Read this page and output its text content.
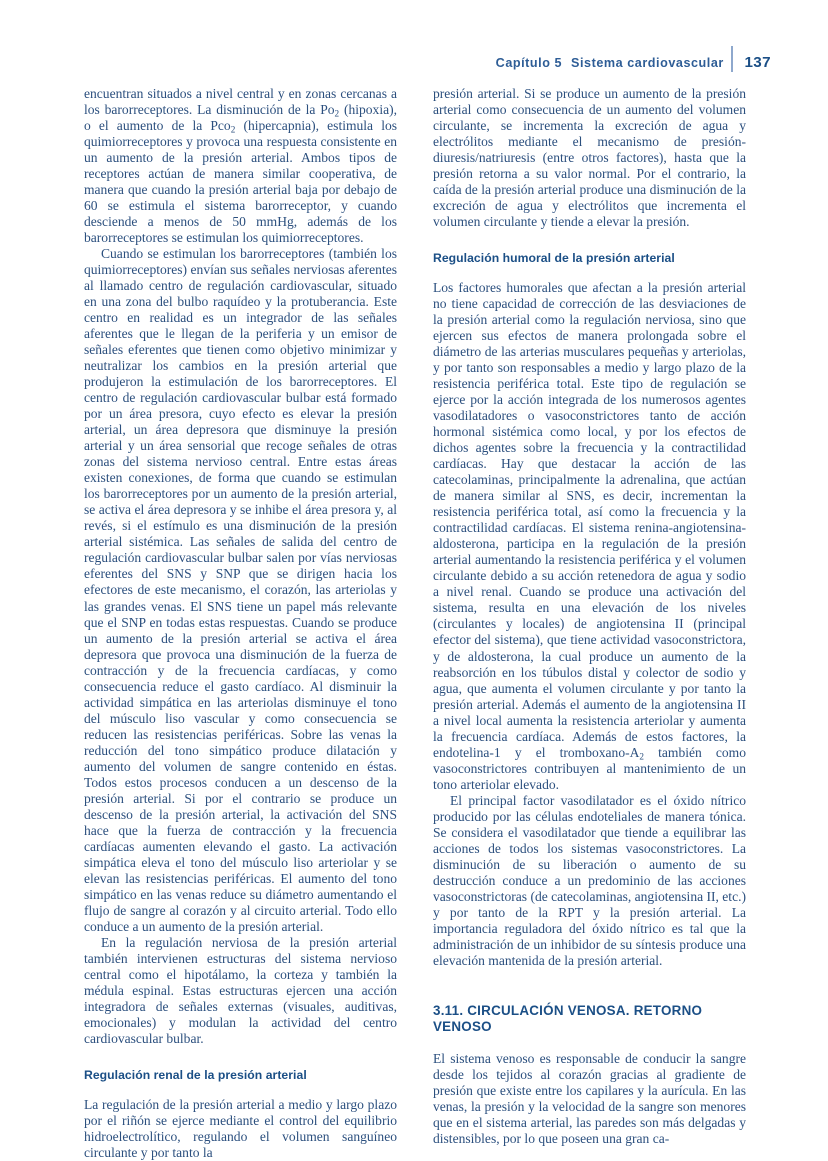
Capítulo 5 Sistema cardiovascular 137

encuentran situados a nivel central y en zonas cercanas a los barorreceptores. La disminución de la $Po_2$ (hipoxia), o el aumento de la Pco$_2$ (hipercapnia), estimula los quimiorreceptores y provoca una respuesta consistente en un aumento de la presión arterial. Ambos tipos de receptores actúan de manera similar cooperativa, de manera que cuando la presión arterial baja por debajo de 60 se estimula el sistema barorreceptor, y cuando desciende a menos de 50 mmHg, además de los barorreceptores se estimulan los quimiorreceptores.

Cuando se estimulan los barorreceptores (también los quimiorreceptores) envían sus señales nerviosas aferentes al llamado centro de regulación cardiovascular, situado en una zona del bulbo raquídeo y la protuberancia. Este centro en realidad es un integrador de las señales aferentes que le llegan de la periferia y un emisor de señales eferentes que tienen como objetivo minimizar y neutralizar los cambios en la presión arterial que produjeron la estimulación de los barorreceptores. El centro de regulación cardiovascular bulbar está formado por un área presora, cuyo efecto es elevar la presión arterial, un área depresora que disminuye la presión arterial y un área sensorial que recoge señales de otras zonas del sistema nervioso central. Entre estas áreas existen conexiones, de forma que cuando se estimulan los barorreceptores por un aumento de la presión arterial, se activa el área depresora y se inhibe el área presora y, al revés, si el estímulo es una disminución de la presión arterial sistémica. Las señales de salida del centro de regulación cardiovascular bulbar salen por vías nerviosas eferentes del SNS y SNP que se dirigen hacia los efectores de este mecanismo, el corazón, las arteriolas y las grandes venas. El SNS tiene un papel más relevante que el SNP en todas estas respuestas. Cuando se produce un aumento de la presión arterial se activa el área depresora que provoca una disminución de la fuerza de contracción y de la frecuencia cardíacas, y como consecuencia reduce el gasto cardíaco. Al disminuir la actividad simpática en las arteriolas disminuye el tono del músculo liso vascular y como consecuencia se reducen las resistencias periféricas. Sobre las venas la reducción del tono simpático produce dilatación y aumento del volumen de sangre contenido en éstas. Todos estos procesos conducen a un descenso de la presión arterial. Si por el contrario se produce un descenso de la presión arterial, la activación del SNS hace que la fuerza de contracción y la frecuencia cardíacas aumenten elevando el gasto. La activación simpática eleva el tono del músculo liso arteriolar y se elevan las resistencias periféricas. El aumento del tono simpático en las venas reduce su diámetro aumentando el flujo de sangre al corazón y al circuito arterial. Todo ello conduce a un aumento de la presión arterial.

En la regulación nerviosa de la presión arterial también intervienen estructuras del sistema nervioso central como el hipotálamo, la corteza y también la médula espinal. Estas estructuras ejercen una acción integradora de señales externas (visuales, auditivas, emocionales) y modulan la actividad del centro cardiovascular bulbar.

Regulación renal de la presión arterial

La regulación de la presión arterial a medio y largo plazo por el riñón se ejerce mediante el control del equilibrio hidroelectrolítico, regulando el volumen sanguíneo circulante y por tanto la

presión arterial. Si se produce un aumento de la presión arterial como consecuencia de un aumento del volumen circulante, se incrementa la excreción de agua y electrólitos mediante el mecanismo de presión-diuresis/natriuresis (entre otros factores), hasta que la presión retorna a su valor normal. Por el contrario, la caída de la presión arterial produce una disminución de la excreción de agua y electrólitos que incrementa el volumen circulante y tiende a elevar la presión.

Regulación humoral de la presión arterial

Los factores humorales que afectan a la presión arterial no tiene capacidad de corrección de las desviaciones de la presión arterial como la regulación nerviosa, sino que ejercen sus efectos de manera prolongada sobre el diámetro de las arterias musculares pequeñas y arteriolas, y por tanto son responsables a medio y largo plazo de la resistencia periférica total. Este tipo de regulación se ejerce por la acción integrada de los numerosos agentes vasodilatadores o vasoconstrictores tanto de acción hormonal sistémica como local, y por los efectos de dichos agentes sobre la frecuencia y la contractilidad cardíacas. Hay que destacar la acción de las catecolaminas, principalmente la adrenalina, que actúan de manera similar al SNS, es decir, incrementan la resistencia periférica total, así como la frecuencia y la contractilidad cardíacas. El sistema renina-angiotensina-aldosterona, participa en la regulación de la presión arterial aumentando la resistencia periférica y el volumen circulante debido a su acción retenedora de agua y sodio a nivel renal. Cuando se produce una activación del sistema, resulta en una elevación de los niveles (circulantes y locales) de angiotensina II (principal efector del sistema), que tiene actividad vasoconstrictora, y de aldosterona, la cual produce un aumento de la reabsorción en los túbulos distal y colector de sodio y agua, que aumenta el volumen circulante y por tanto la presión arterial. Además el aumento de la angiotensina II a nivel local aumenta la resistencia arteriolar y aumenta la frecuencia cardíaca. Además de estos factores, la endotelina-1 y el tromboxano-$A_2$ también como vasoconstrictores contribuyen al mantenimiento de un tono arteriolar elevado.

El principal factor vasodilatador es el óxido nítrico producido por las células endoteliales de manera tónica. Se considera el vasodilatador que tiende a equilibrar las acciones de todos los sistemas vasoconstrictores. La disminución de su liberación o aumento de su destrucción conduce a un predominio de las acciones vasoconstrictoras (de catecolaminas, angiotensina II, etc.) y por tanto de la RPT y la presión arterial. La importancia reguladora del óxido nítrico es tal que la administración de un inhibidor de su síntesis produce una elevación mantenida de la presión arterial.

3.11. CIRCULACIÓN VENOSA. RETORNO VENOSO

El sistema venoso es responsable de conducir la sangre desde los tejidos al corazón gracias al gradiente de presión que existe entre los capilares y la aurícula. En las venas, la presión y la velocidad de la sangre son menores que en el sistema arterial, las paredes son más delgadas y distensibles, por lo que poseen una gran ca-
